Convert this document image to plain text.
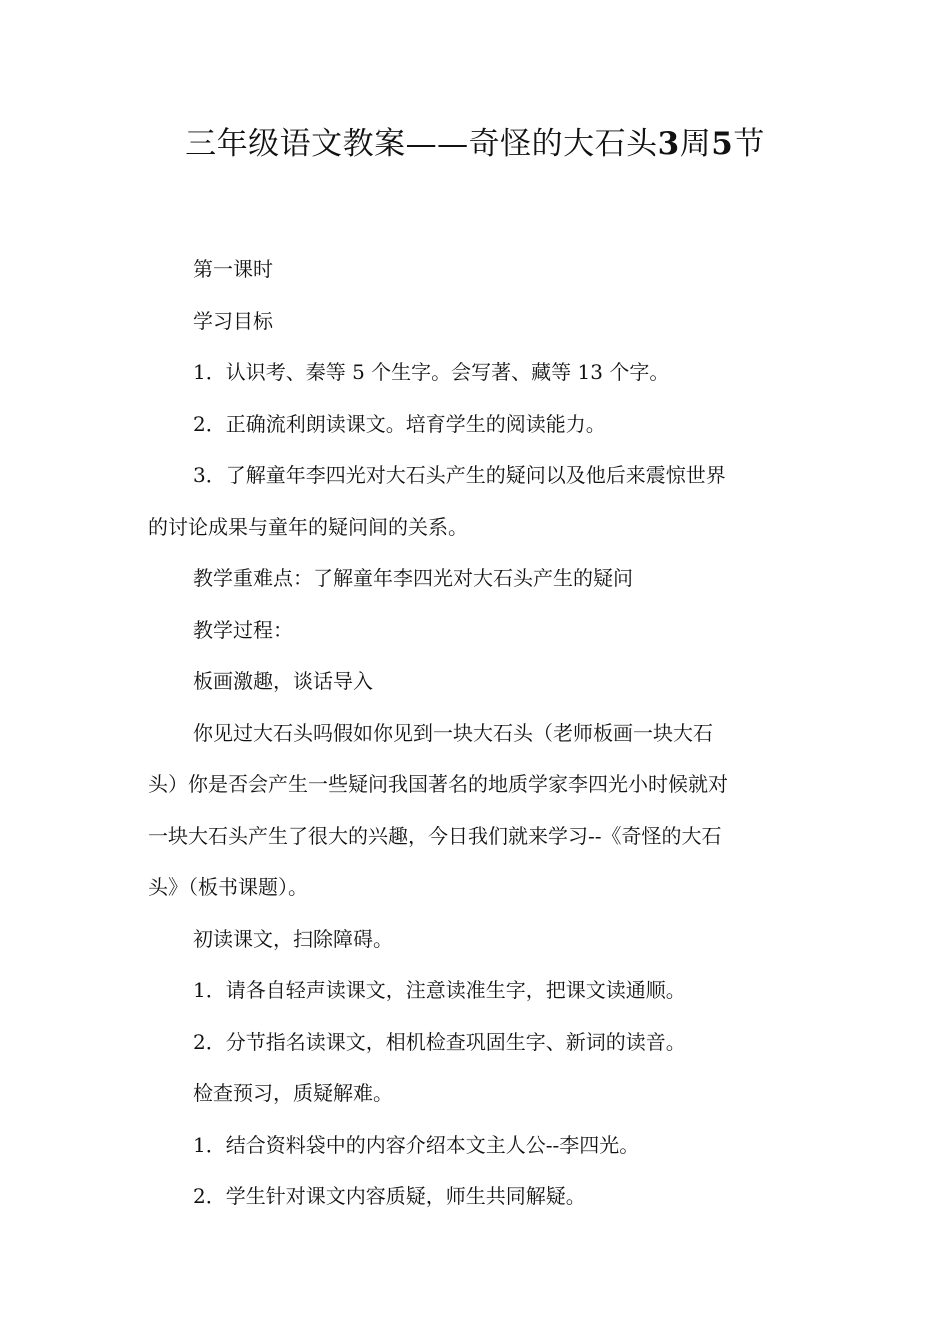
三年级语文教案——奇怪的大石头3周5节

第一课时

学习目标

1．认识考、秦等 5 个生字。会写著、藏等 13 个字。

2．正确流利朗读课文。培育学生的阅读能力。

3．了解童年李四光对大石头产生的疑问以及他后来震惊世界

的讨论成果与童年的疑问间的关系。

教学重难点：了解童年李四光对大石头产生的疑问

教学过程：

板画激趣，谈话导入

你见过大石头吗假如你见到一块大石头（老师板画一块大石

头）你是否会产生一些疑问我国著名的地质学家李四光小时候就对

一块大石头产生了很大的兴趣，今日我们就来学习--《奇怪的大石

头》（板书课题）。

初读课文，扫除障碍。

1．请各自轻声读课文，注意读准生字，把课文读通顺。

2．分节指名读课文，相机检查巩固生字、新词的读音。

检查预习，质疑解难。

1．结合资料袋中的内容介绍本文主人公--李四光。

2．学生针对课文内容质疑，师生共同解疑。
